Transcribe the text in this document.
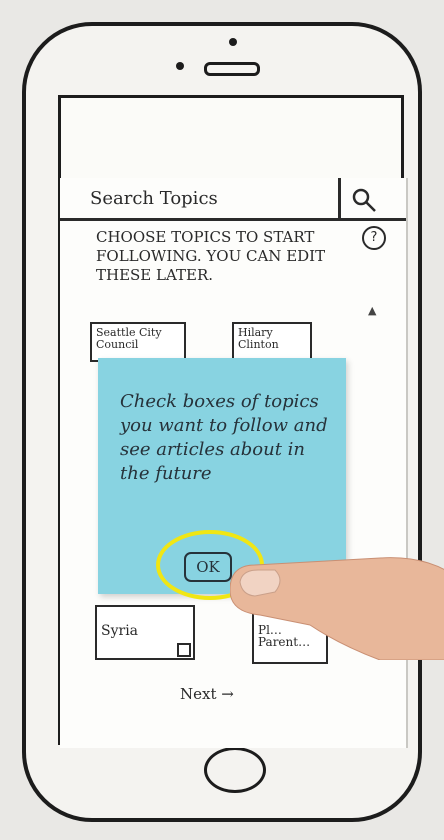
Search Topics
CHOOSE TOPICS TO START FOLLOWING. YOU CAN EDIT THESE LATER.
?
▲
Seattle City Council
Hilary Clinton
Syria	Pl… Parent…
Next →
Check boxes of topics you want to follow and see articles about in the future
OK
